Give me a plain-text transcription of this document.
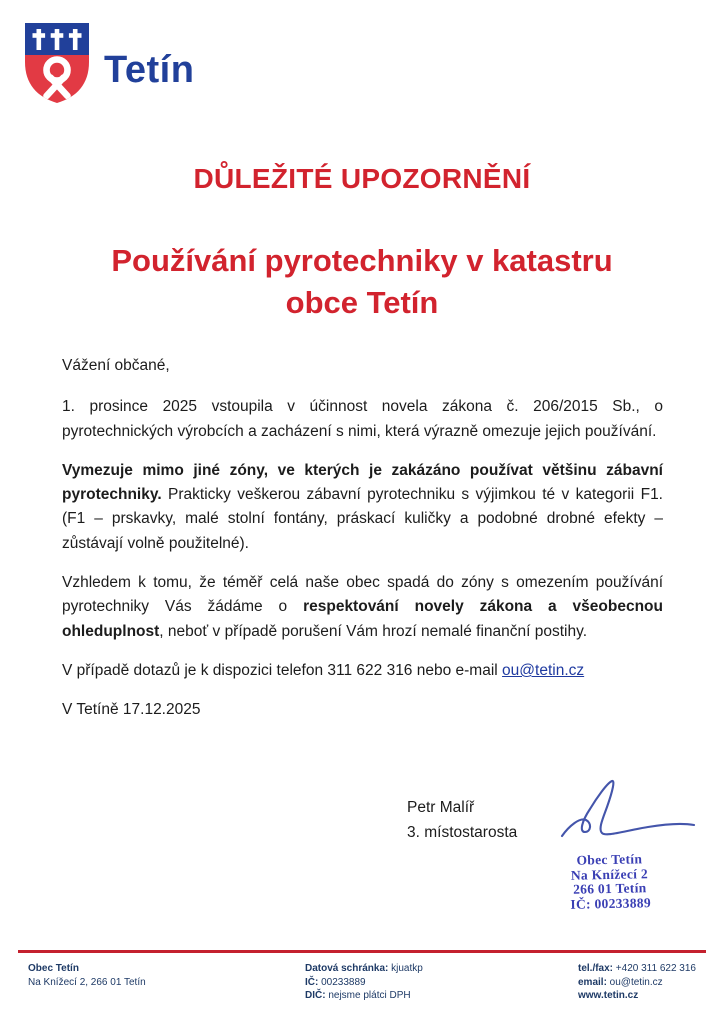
Tetín
DŮLEŽITÉ UPOZORNĚNÍ
Používání pyrotechniky v katastru obce Tetín

Vážení občané,

1. prosince 2025 vstoupila v účinnost novela zákona č. 206/2015 Sb., o pyrotechnických výrobcích a zacházení s nimi, která výrazně omezuje jejich používání.

Vymezuje mimo jiné zóny, ve kterých je zakázáno používat většinu zábavní pyrotechniky. Prakticky veškerou zábavní pyrotechniku s výjimkou té v kategorii F1. (F1 – prskavky, malé stolní fontány, práskací kuličky a podobné drobné efekty – zůstávají volně použitelné).

Vzhledem k tomu, že téměř celá naše obec spadá do zóny s omezením používání pyrotechniky Vás žádáme o respektování novely zákona a všeobecnou ohleduplnost, neboť v případě porušení Vám hrozí nemalé finanční postihy.

V případě dotazů je k dispozici telefon 311 622 316 nebo e-mail ou@tetin.cz

V Tetíně 17.12.2025

Petr Malíř
3. místostarosta
Obec Tetín
Na Knížecí 2
266 01 Tetín
IČ: 00233889
Obec Tetín
Na Knížecí 2, 266 01 Tetín
Datová schránka: kjuatkp
IČ: 00233889
DIČ: nejsme plátci DPH
tel./fax: +420 311 622 316
email: ou@tetin.cz
www.tetin.cz
